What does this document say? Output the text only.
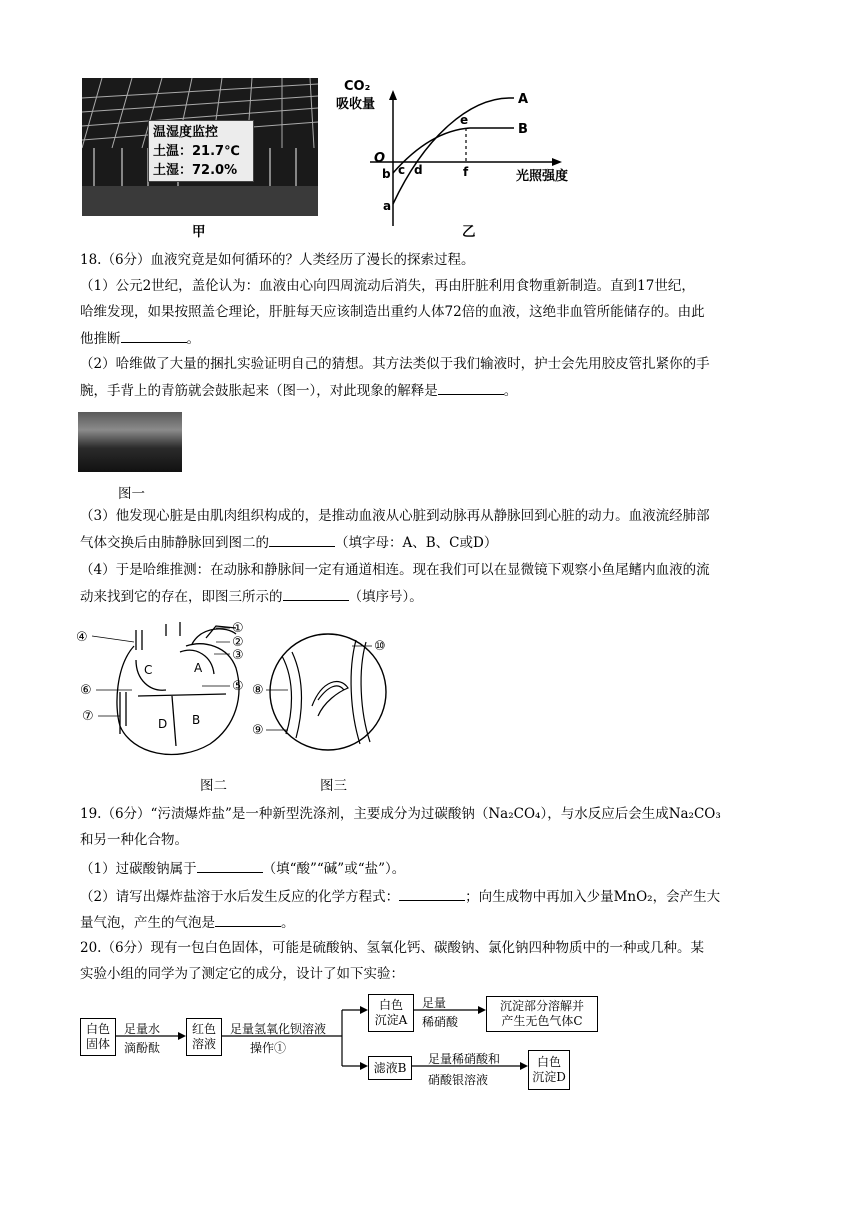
温湿度监控
土温：21.7℃
土湿：72.0%
甲
CO₂
吸收量
光照强度
A
B
O
a
b c d
e
f
乙
18.（6分）血液究竟是如何循环的？人类经历了漫长的探索过程。
（1）公元2世纪，盖伦认为：血液由心向四周流动后消失，再由肝脏利用食物重新制造。直到17世纪，
哈维发现，如果按照盖仑理论，肝脏每天应该制造出重约人体72倍的血液，这绝非血管所能储存的。由此
他推断	。
（2）哈维做了大量的捆扎实验证明自己的猜想。其方法类似于我们输液时，护士会先用胶皮管扎紧你的手
腕，手背上的青筋就会鼓胀起来（图一），对此现象的解释是	。
图一
（3）他发现心脏是由肌肉组织构成的，是推动血液从心脏到动脉再从静脉回到心脏的动力。血液流经肺部
气体交换后由肺静脉回到图二的	（填字母：A、B、C或D）
（4）于是哈维推测：在动脉和静脉间一定有通道相连。现在我们可以在显微镜下观察小鱼尾鳍内血液的流
动来找到它的存在，即图三所示的	（填序号）。
④
①
②
③
⑥	⑤
⑦
A
B
C
D
⑧
⑨
⑩
图二	图三
19.（6分）“污渍爆炸盐”是一种新型洗涤剂，主要成分为过碳酸钠（Na₂CO₄），与水反应后会生成Na₂CO₃
和另一种化合物。
（1）过碳酸钠属于	（填“酸”“碱”或“盐”）。
（2）请写出爆炸盐溶于水后发生反应的化学方程式：	；向生成物中再加入少量MnO₂，会产生大
量气泡，产生的气泡是	。
20.（6分）现有一包白色固体，可能是硫酸钠、氢氧化钙、碳酸钠、氯化钠四种物质中的一种或几种。某
实验小组的同学为了测定它的成分，设计了如下实验：
白色
固体
足量水
滴酚酞
红色
溶液
足量氢氧化钡溶液
操作①
白色
沉淀A
足量
稀硝酸
沉淀部分溶解并
产生无色气体C
滤液B
足量稀硝酸和
硝酸银溶液
白色
沉淀D
